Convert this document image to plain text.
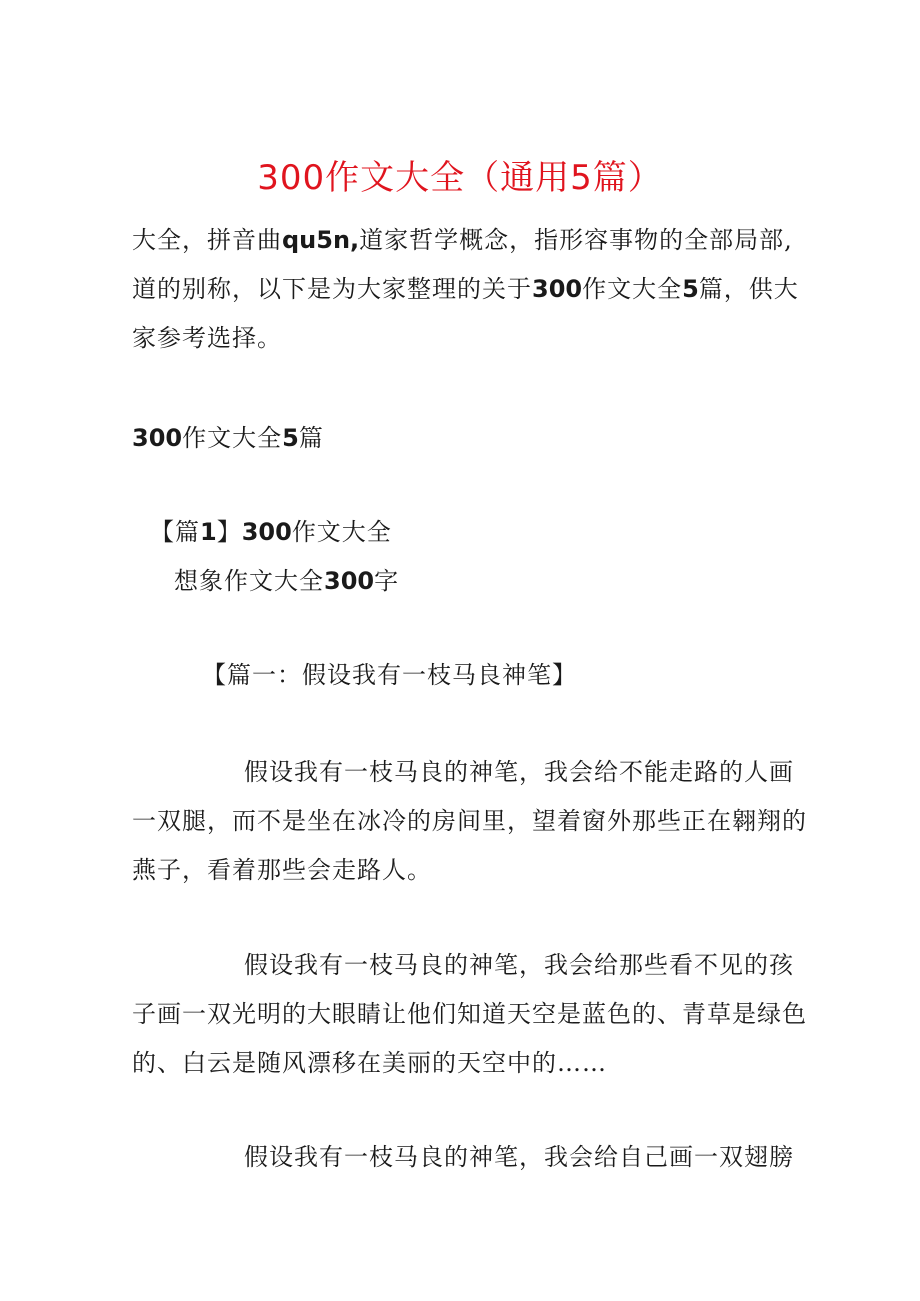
300作文大全（通用5篇）
大全，拼音曲qu5n,道家哲学概念，指形容事物的全部局部,
道的别称，以下是为大家整理的关于300作文大全5篇，供大
家参考选择。
300作文大全5篇
【篇1】300作文大全
想象作文大全300字
【篇一：假设我有一枝马良神笔】
假设我有一枝马良的神笔，我会给不能走路的人画
一双腿，而不是坐在冰冷的房间里，望着窗外那些正在翱翔的
燕子，看着那些会走路人。
假设我有一枝马良的神笔，我会给那些看不见的孩
子画一双光明的大眼睛让他们知道天空是蓝色的、青草是绿色
的、白云是随风漂移在美丽的天空中的……
假设我有一枝马良的神笔，我会给自己画一双翅膀
